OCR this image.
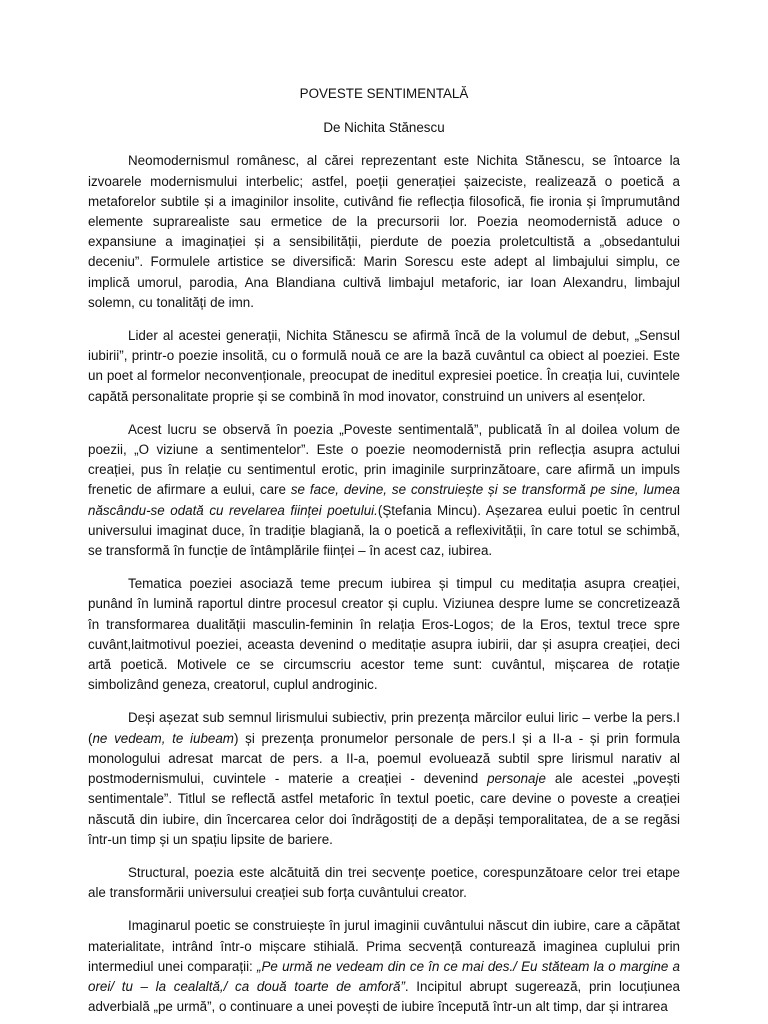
POVESTE SENTIMENTALĂ
De Nichita Stănescu

Neomodernismul românesc, al cărei reprezentant este Nichita Stănescu, se întoarce la izvoarele modernismului interbelic; astfel, poeții generației șaizeciste, realizează o poetică a metaforelor subtile și a imaginilor insolite, cutivând fie reflecția filosofică, fie ironia și împrumutând elemente suprarealiste sau ermetice de la precursorii lor. Poezia neomodernistă aduce o expansiune a imaginației și a sensibilității, pierdute de poezia proletcultistă a „obsedantului deceniu”. Formulele artistice se diversifică: Marin Sorescu este adept al limbajului simplu, ce implică umorul, parodia, Ana Blandiana cultivă limbajul metaforic, iar Ioan Alexandru, limbajul solemn, cu tonalități de imn.

Lider al acestei generații, Nichita Stănescu se afirmă încă de la volumul de debut, „Sensul iubirii”, printr-o poezie insolită, cu o formulă nouă ce are la bază cuvântul ca obiect al poeziei. Este un poet al formelor neconvenționale, preocupat de ineditul expresiei poetice. În creația lui, cuvintele capătă personalitate proprie și se combină în mod inovator, construind un univers al esențelor.

Acest lucru se observă în poezia „Poveste sentimentală”, publicată în al doilea volum de poezii, „O viziune a sentimentelor”. Este o poezie neomodernistă prin reflecția asupra actului creației, pus în relație cu sentimentul erotic, prin imaginile surprinzătoare, care afirmă un impuls frenetic de afirmare a eului, care se face, devine, se construiește și se transformă pe sine, lumea născându-se odată cu revelarea ființei poetului.(Ștefania Mincu). Așezarea eului poetic în centrul universului imaginat duce, în tradiție blagiană, la o poetică a reflexivității, în care totul se schimbă, se transformă în funcție de întâmplările ființei – în acest caz, iubirea.

Tematica poeziei asociază teme precum iubirea și timpul cu meditația asupra creației, punând în lumină raportul dintre procesul creator și cuplu. Viziunea despre lume se concretizează în transformarea dualității masculin-feminin în relația Eros-Logos; de la Eros, textul trece spre cuvânt,laitmotivul poeziei, aceasta devenind o meditație asupra iubirii, dar și asupra creației, deci artă poetică. Motivele ce se circumscriu acestor teme sunt: cuvântul, mișcarea de rotație simbolizând geneza, creatorul, cuplul androginic.

Deși așezat sub semnul lirismului subiectiv, prin prezența mărcilor eului liric – verbe la pers.I (ne vedeam, te iubeam) și prezența pronumelor personale de pers.I și a II-a - și prin formula monologului adresat marcat de pers. a II-a, poemul evoluează subtil spre lirismul narativ al postmodernismului, cuvintele - materie a creației - devenind personaje ale acestei „povești sentimentale”. Titlul se reflectă astfel metaforic în textul poetic, care devine o poveste a creației născută din iubire, din încercarea celor doi îndrăgostiți de a depăși temporalitatea, de a se regăsi într-un timp și un spațiu lipsite de bariere.

Structural, poezia este alcătuită din trei secvențe poetice, corespunzătoare celor trei etape ale transformării universului creației sub forța cuvântului creator.

Imaginarul poetic se construiește în jurul imaginii cuvântului născut din iubire, care a căpătat materialitate, intrând într-o mișcare stihială. Prima secvență conturează imaginea cuplului prin intermediul unei comparații: „Pe urmă ne vedeam din ce în ce mai des./ Eu stăteam la o margine a orei/ tu – la cealaltă,/ ca două toarte de amforă”. Incipitul abrupt sugerează, prin locuțiunea adverbială „pe urmă”, o continuare a unei povești de iubire începută într-un alt timp, dar și intrarea
